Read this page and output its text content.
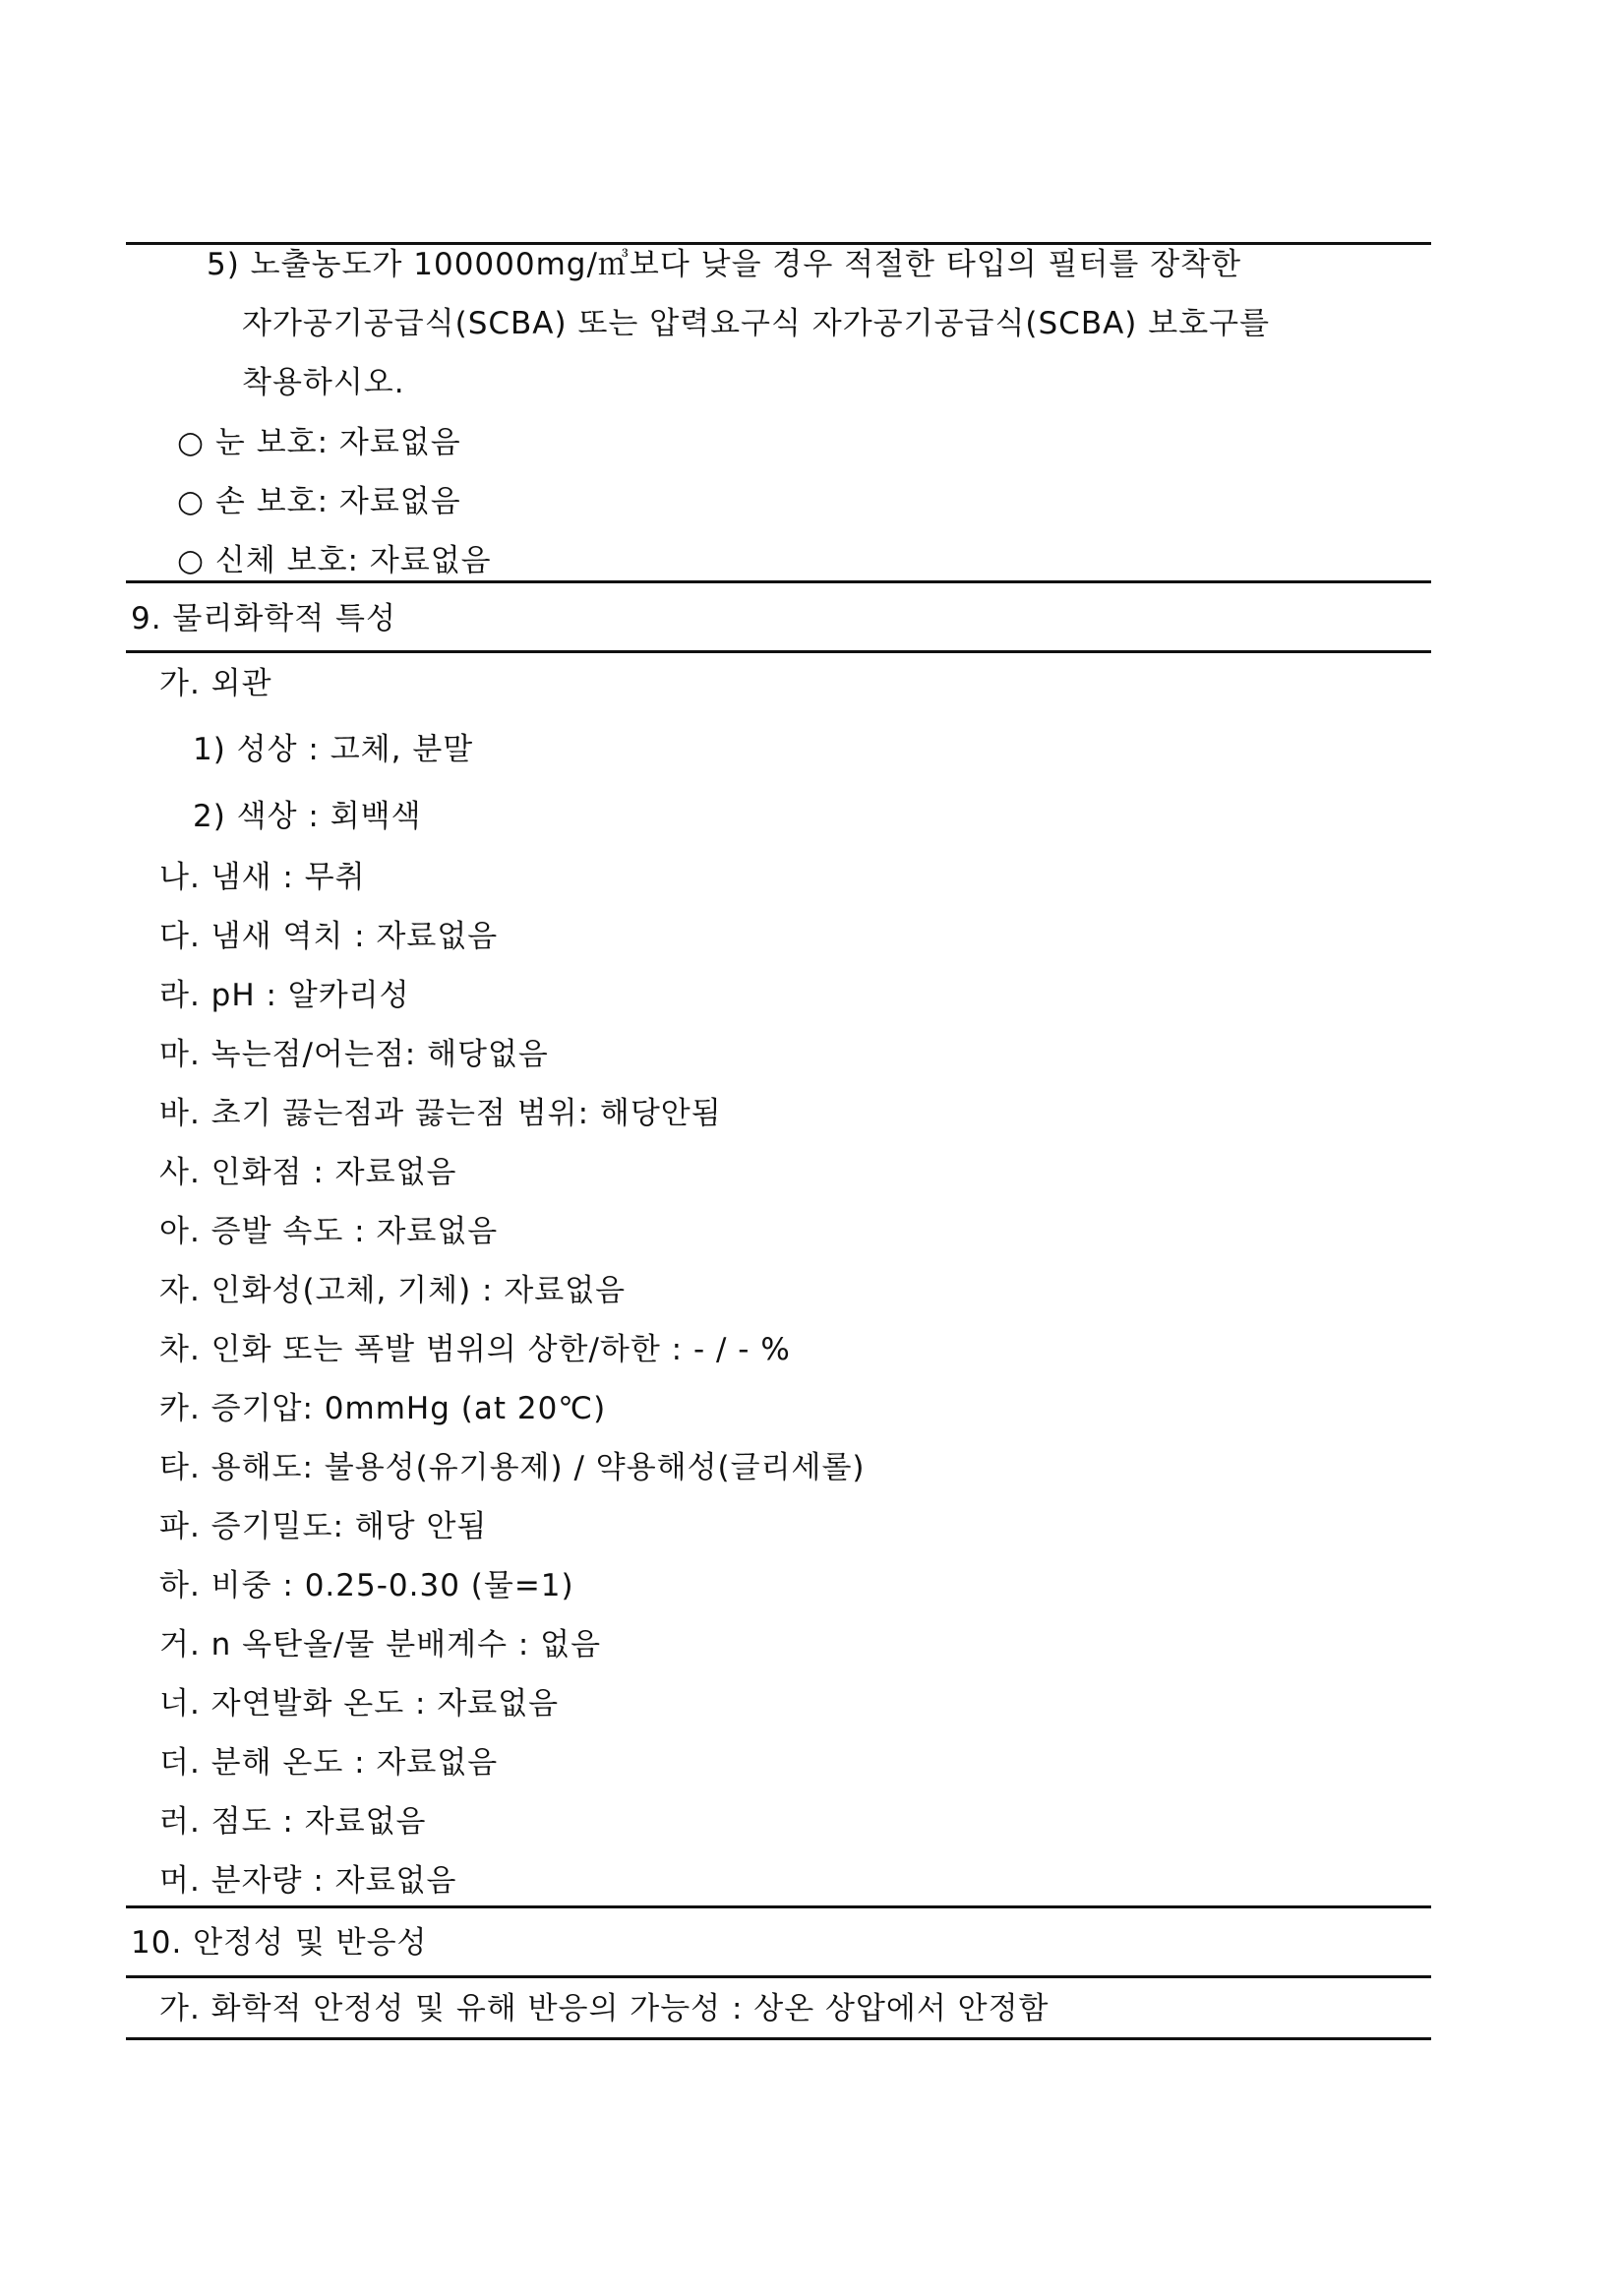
5) 노출농도가 100000mg/㎥보다 낮을 경우 적절한 타입의 필터를 장착한
자가공기공급식(SCBA) 또는 압력요구식 자가공기공급식(SCBA) 보호구를
착용하시오.
○ 눈 보호: 자료없음
○ 손 보호: 자료없음
○ 신체 보호: 자료없음
9. 물리화학적 특성
가. 외관
1) 성상 : 고체, 분말
2) 색상 : 회백색
나. 냄새 : 무취
다. 냄새 역치 : 자료없음
라. pH : 알카리성
마. 녹는점/어는점: 해당없음
바. 초기 끓는점과 끓는점 범위: 해당안됨
사. 인화점 : 자료없음
아. 증발 속도 : 자료없음
자. 인화성(고체, 기체) : 자료없음
차. 인화 또는 폭발 범위의 상한/하한 : - / - %
카. 증기압: 0mmHg (at 20℃)
타. 용해도: 불용성(유기용제) / 약용해성(글리세롤)
파. 증기밀도: 해당 안됨
하. 비중 : 0.25-0.30 (물=1)
거. n 옥탄올/물 분배계수 : 없음
너. 자연발화 온도 : 자료없음
더. 분해 온도 : 자료없음
러. 점도 : 자료없음
머. 분자량 : 자료없음
10. 안정성 및 반응성
가. 화학적 안정성 및 유해 반응의 가능성 : 상온 상압에서 안정함
